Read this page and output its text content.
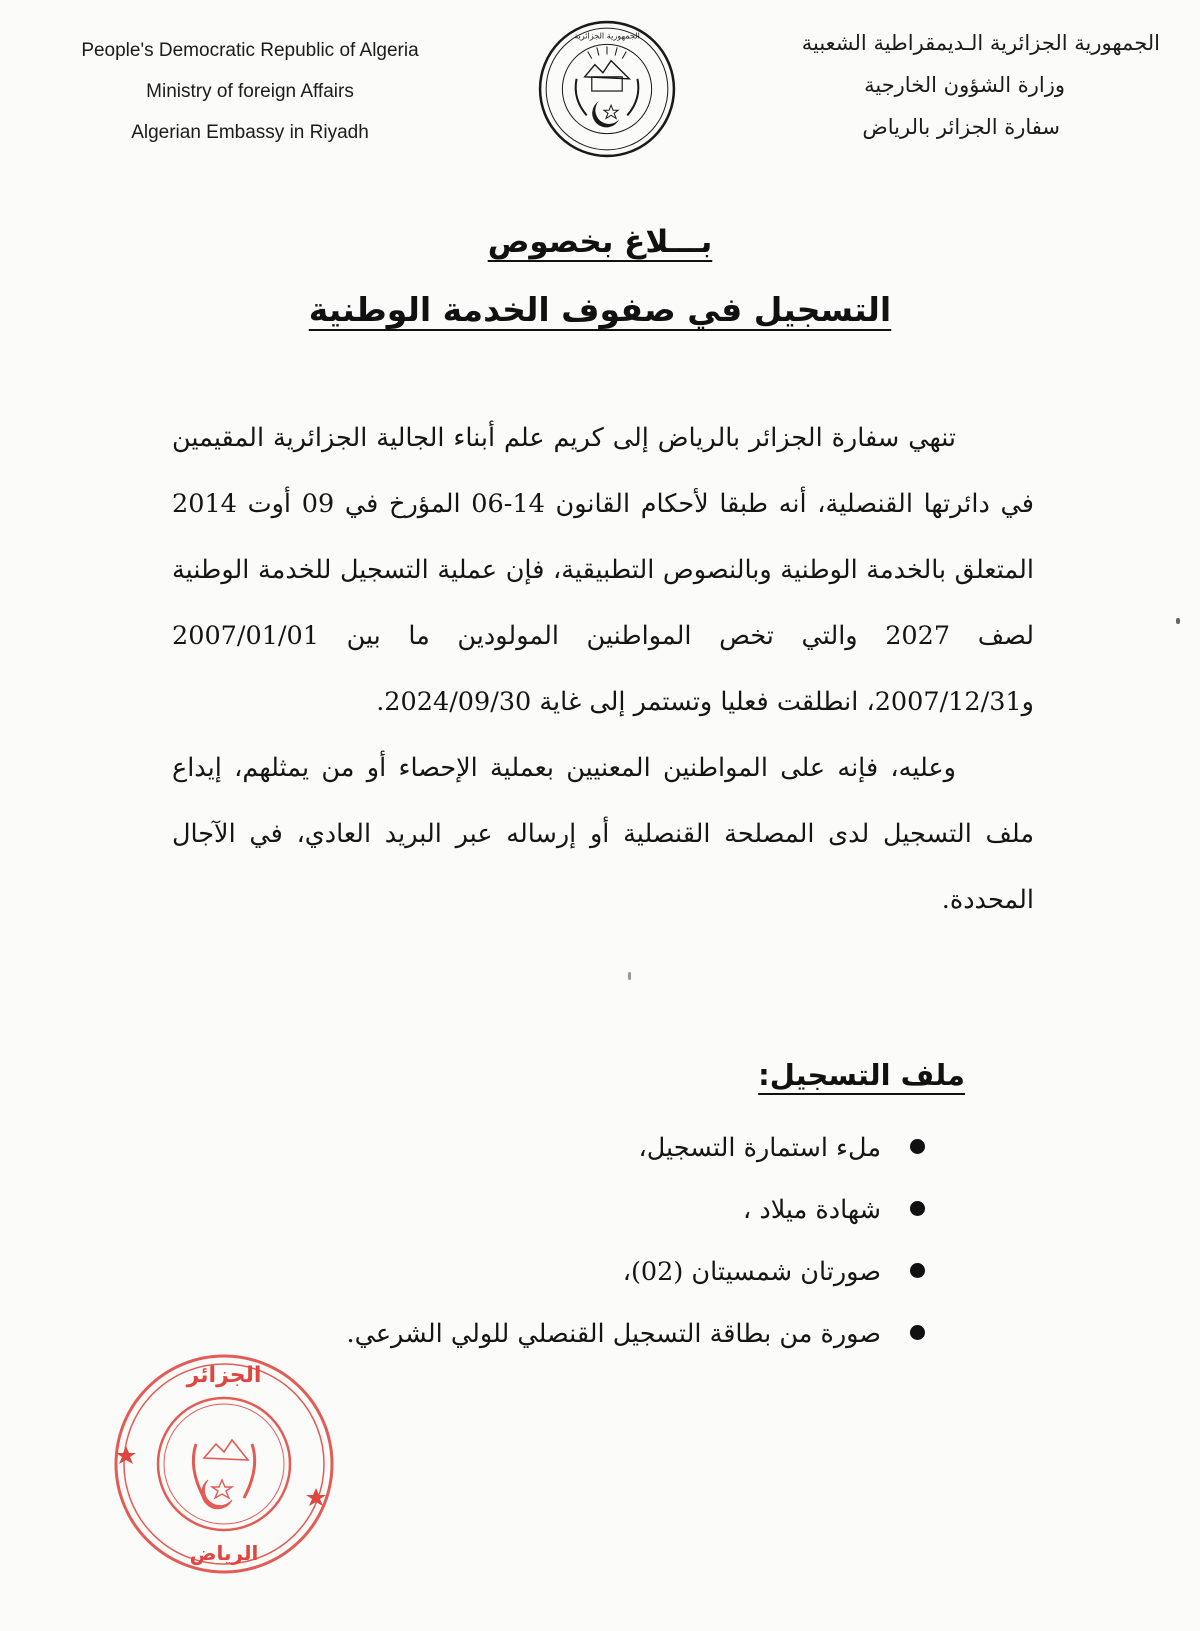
People's Democratic Republic of Algeria
Ministry of foreign Affairs
Algerian Embassy in Riyadh
الجمهورية الجزائرية	الجمهورية الجزائرية الـديمقراطية الشعبية
وزارة الشؤون الخارجية
سفارة الجزائر بالرياض
بـــلاغ بخصوص
التسجيل في صفوف الخدمة الوطنية

تنهي سفارة الجزائر بالرياض إلى كريم علم أبناء الجالية الجزائرية المقيمين في دائرتها القنصلية، أنه طبقا لأحكام القانون 14-06 المؤرخ في 09 أوت 2014 المتعلق بالخدمة الوطنية وبالنصوص التطبيقية، فإن عملية التسجيل للخدمة الوطنية لصف 2027 والتي تخص المواطنين المولودين ما بين 2007/01/01 و2007/12/31، انطلقت فعليا وتستمر إلى غاية 2024/09/30.

وعليه، فإنه على المواطنين المعنيين بعملية الإحصاء أو من يمثلهم، إيداع ملف التسجيل لدى المصلحة القنصلية أو إرساله عبر البريد العادي، في الآجال المحددة.

ملف التسجيل:
ملء استمارة التسجيل،
شهادة ميلاد ،
صورتان شمسيتان (02)،
صورة من بطاقة التسجيل القنصلي للولي الشرعي.
الجزائر
الرياض
